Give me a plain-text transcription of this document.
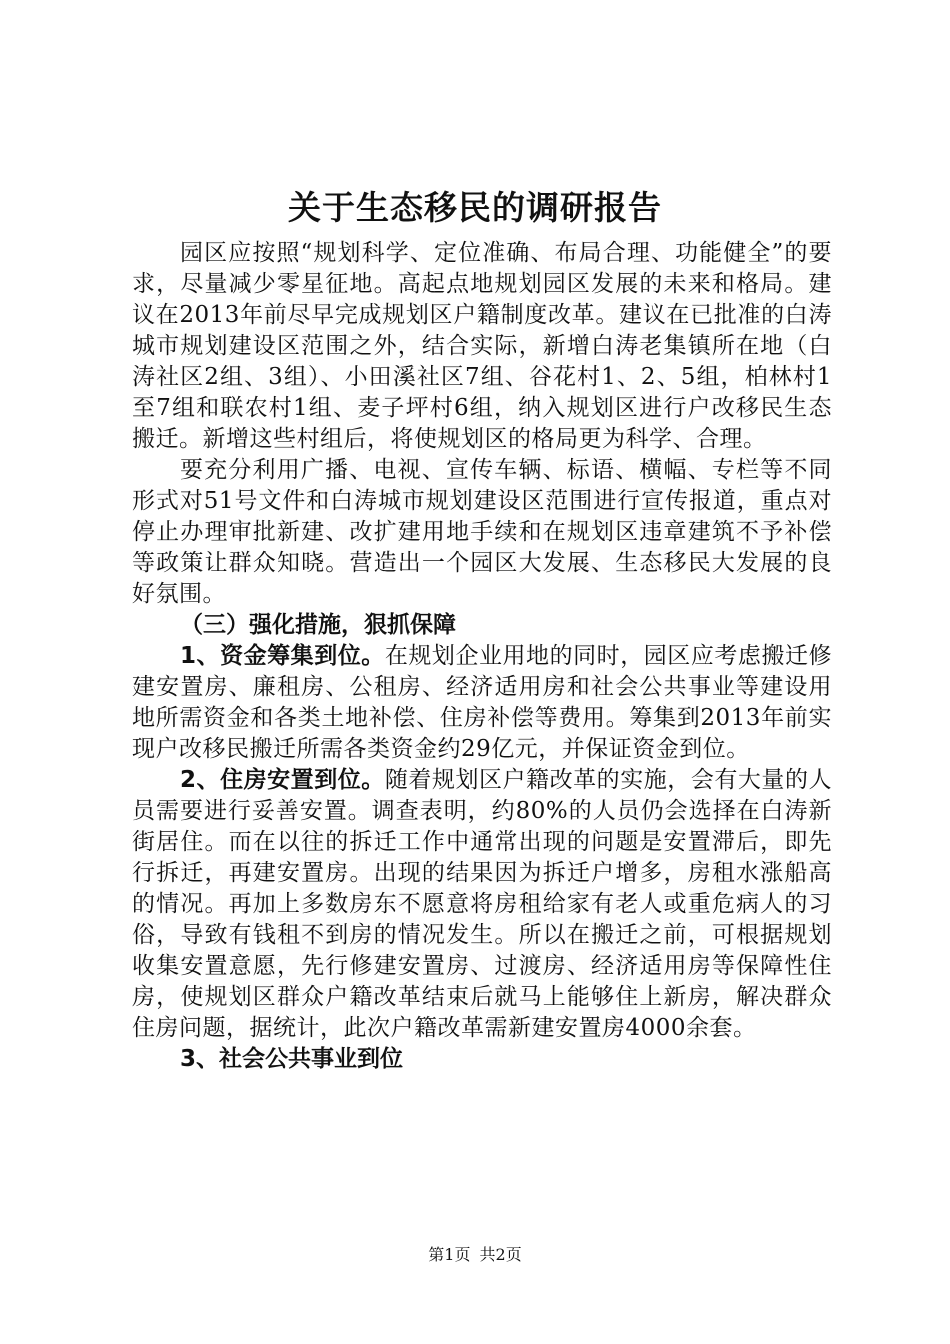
关于生态移民的调研报告

园区应按照“规划科学、定位准确、布局合理、功能健全”的要求，尽量减少零星征地。高起点地规划园区发展的未来和格局。建议在2013年前尽早完成规划区户籍制度改革。建议在已批准的白涛城市规划建设区范围之外，结合实际，新增白涛老集镇所在地（白涛社区2组、3组）、小田溪社区7组、谷花村1、2、5组，柏林村1至7组和联农村1组、麦子坪村6组，纳入规划区进行户改移民生态搬迁。新增这些村组后，将使规划区的格局更为科学、合理。

要充分利用广播、电视、宣传车辆、标语、横幅、专栏等不同形式对51号文件和白涛城市规划建设区范围进行宣传报道，重点对停止办理审批新建、改扩建用地手续和在规划区违章建筑不予补偿等政策让群众知晓。营造出一个园区大发展、生态移民大发展的良好氛围。

（三）强化措施，狠抓保障

1、资金筹集到位。在规划企业用地的同时，园区应考虑搬迁修建安置房、廉租房、公租房、经济适用房和社会公共事业等建设用地所需资金和各类土地补偿、住房补偿等费用。筹集到2013年前实现户改移民搬迁所需各类资金约29亿元，并保证资金到位。

2、住房安置到位。随着规划区户籍改革的实施，会有大量的人员需要进行妥善安置。调查表明，约80%的人员仍会选择在白涛新街居住。而在以往的拆迁工作中通常出现的问题是安置滞后，即先行拆迁，再建安置房。出现的结果因为拆迁户增多，房租水涨船高的情况。再加上多数房东不愿意将房租给家有老人或重危病人的习俗，导致有钱租不到房的情况发生。所以在搬迁之前，可根据规划收集安置意愿，先行修建安置房、过渡房、经济适用房等保障性住房，使规划区群众户籍改革结束后就马上能够住上新房，解决群众住房问题，据统计，此次户籍改革需新建安置房4000余套。

3、社会公共事业到位

第1页 共2页
